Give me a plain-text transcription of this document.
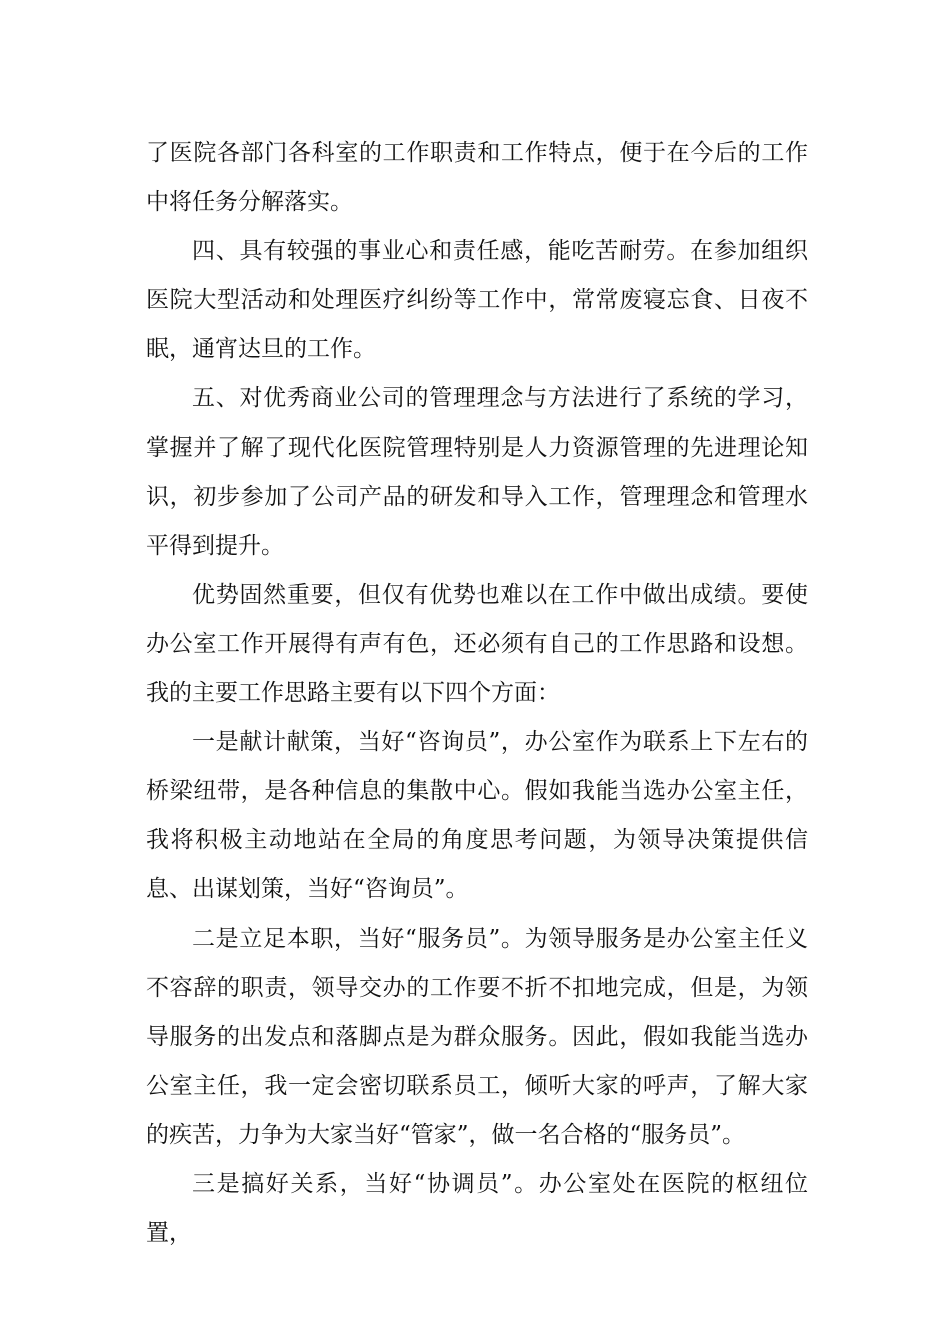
了医院各部门各科室的工作职责和工作特点，便于在今后的工作中将任务分解落实。

四、具有较强的事业心和责任感，能吃苦耐劳。在参加组织医院大型活动和处理医疗纠纷等工作中，常常废寝忘食、日夜不眠，通宵达旦的工作。

五、对优秀商业公司的管理理念与方法进行了系统的学习，掌握并了解了现代化医院管理特别是人力资源管理的先进理论知识，初步参加了公司产品的研发和导入工作，管理理念和管理水平得到提升。

优势固然重要，但仅有优势也难以在工作中做出成绩。要使办公室工作开展得有声有色，还必须有自己的工作思路和设想。我的主要工作思路主要有以下四个方面：

一是献计献策，当好“咨询员”，办公室作为联系上下左右的桥梁纽带，是各种信息的集散中心。假如我能当选办公室主任，我将积极主动地站在全局的角度思考问题，为领导决策提供信息、出谋划策，当好“咨询员”。

二是立足本职，当好“服务员”。为领导服务是办公室主任义不容辞的职责，领导交办的工作要不折不扣地完成，但是，为领导服务的出发点和落脚点是为群众服务。因此，假如我能当选办公室主任，我一定会密切联系员工，倾听大家的呼声，了解大家的疾苦，力争为大家当好“管家”，做一名合格的“服务员”。

三是搞好关系，当好“协调员”。办公室处在医院的枢纽位置，
